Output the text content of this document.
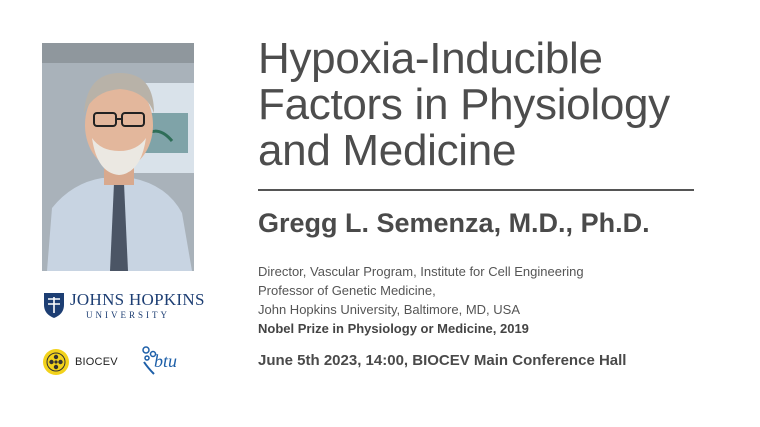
JOHNS HOPKINS
UNIVERSITY
BIOCEV btu
Hypoxia-Inducible
Factors in Physiology
and Medicine
Gregg L. Semenza, M.D., Ph.D.
Director, Vascular Program, Institute for Cell Engineering
Professor of Genetic Medicine,
John Hopkins University, Baltimore, MD, USA
Nobel Prize in Physiology or Medicine, 2019
June 5th 2023, 14:00, BIOCEV Main Conference Hall
